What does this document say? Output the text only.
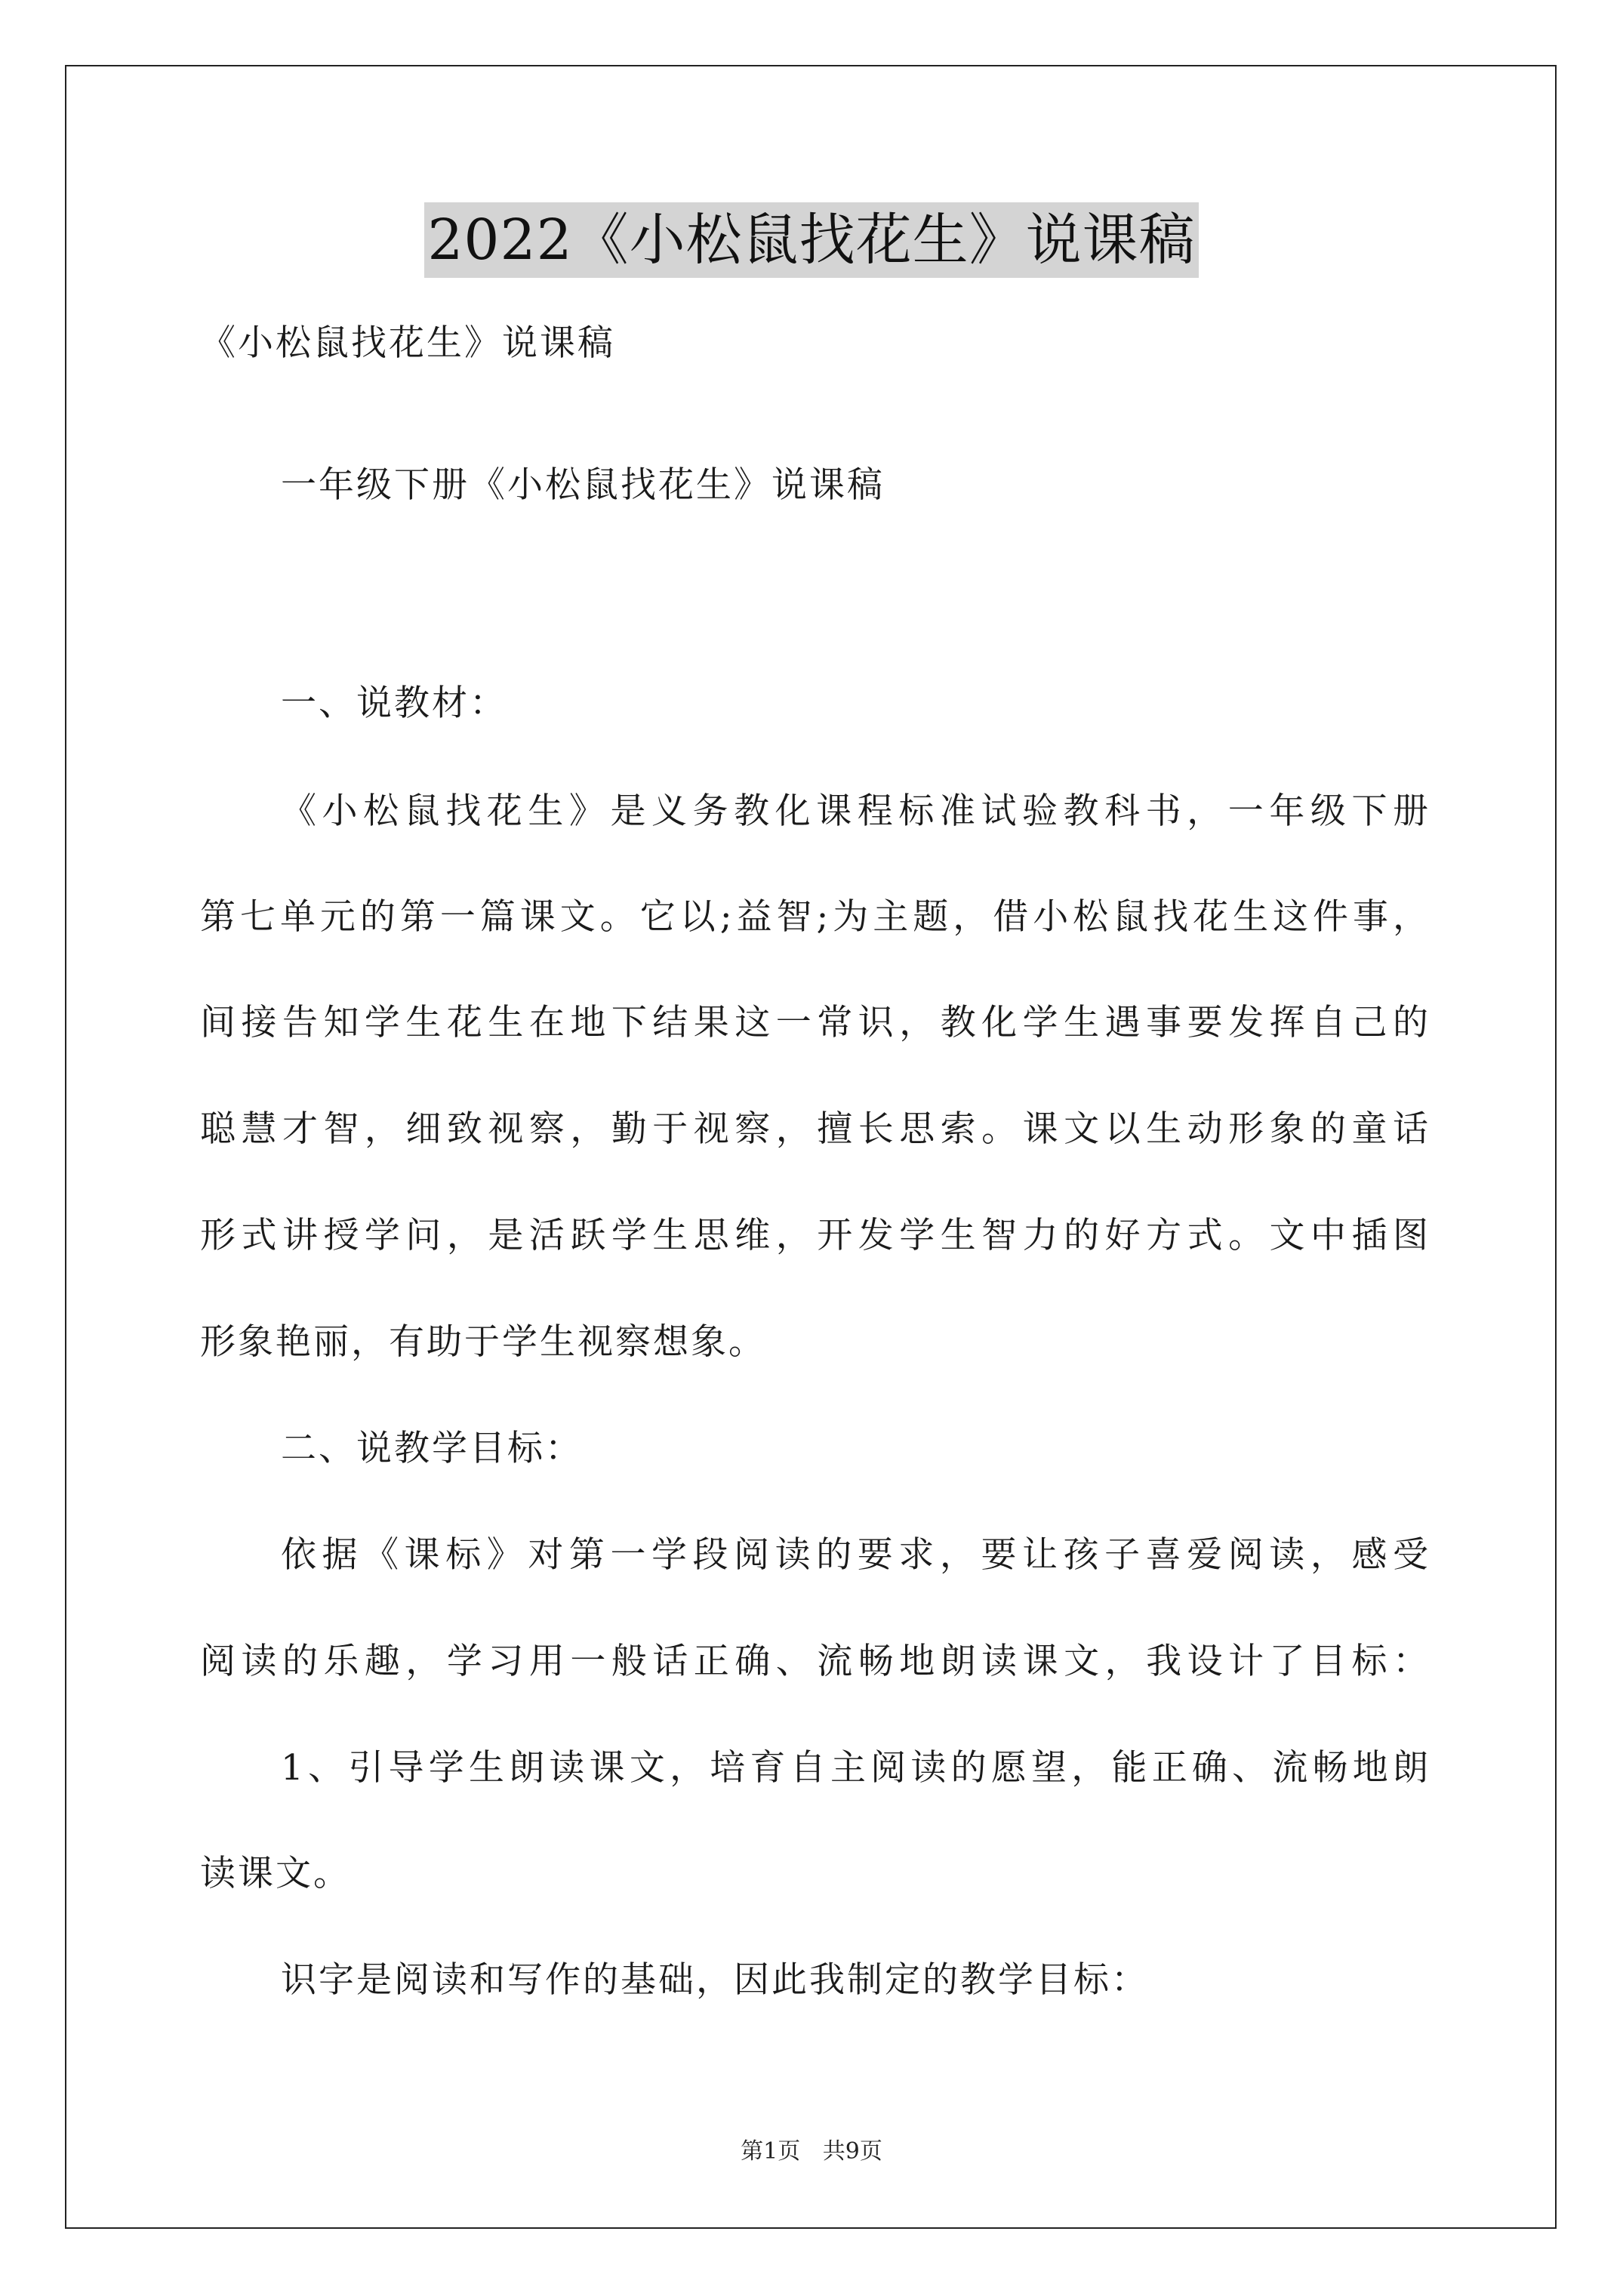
2022《小松鼠找花生》说课稿
《小松鼠找花生》说课稿
一年级下册《小松鼠找花生》说课稿
一、说教材：
《小松鼠找花生》是义务教化课程标准试验教科书，一年级下册
第七单元的第一篇课文。它以;益智;为主题，借小松鼠找花生这件事，
间接告知学生花生在地下结果这一常识，教化学生遇事要发挥自己的
聪慧才智，细致视察，勤于视察，擅长思索。课文以生动形象的童话
形式讲授学问，是活跃学生思维，开发学生智力的好方式。文中插图
形象艳丽，有助于学生视察想象。
二、说教学目标：
依据《课标》对第一学段阅读的要求，要让孩子喜爱阅读，感受
阅读的乐趣，学习用一般话正确、流畅地朗读课文，我设计了目标：
1、引导学生朗读课文，培育自主阅读的愿望，能正确、流畅地朗
读课文。
识字是阅读和写作的基础，因此我制定的教学目标：
第1页 共9页
